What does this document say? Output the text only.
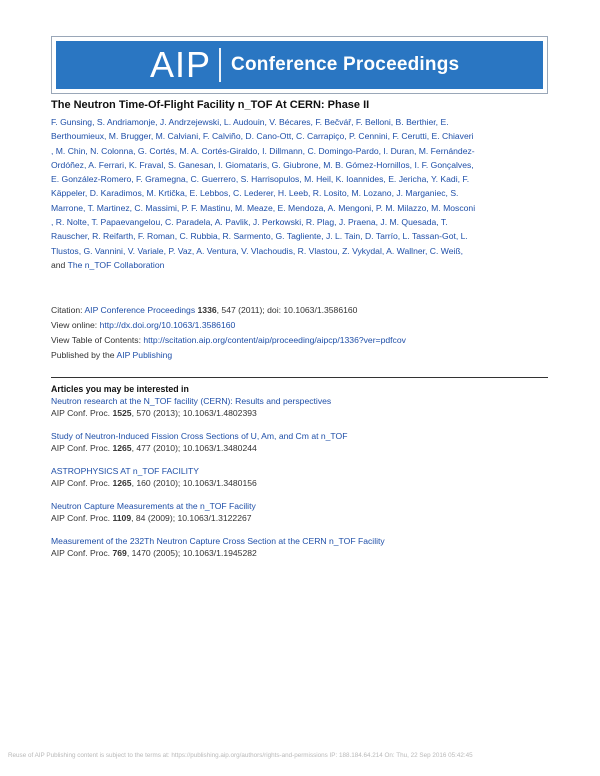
AIP Conference Proceedings
The Neutron Time-Of-Flight Facility n_TOF At CERN: Phase II
F. Gunsing, S. Andriamonje, J. Andrzejewski, L. Audouin, V. Bécares, F. Bečvář, F. Belloni, B. Berthier, E.
Berthoumieux, M. Brugger, M. Calviani, F. Calviño, D. Cano-Ott, C. Carrapiço, P. Cennini, F. Cerutti, E. Chiaveri
, M. Chin, N. Colonna, G. Cortés, M. A. Cortés-Giraldo, I. Dillmann, C. Domingo-Pardo, I. Duran, M. Fernández-
Ordóñez, A. Ferrari, K. Fraval, S. Ganesan, I. Giomataris, G. Giubrone, M. B. Gómez-Hornillos, I. F. Gonçalves,
E. González-Romero, F. Gramegna, C. Guerrero, S. Harrisopulos, M. Heil, K. Ioannides, E. Jericha, Y. Kadi, F.
Käppeler, D. Karadimos, M. Krtička, E. Lebbos, C. Lederer, H. Leeb, R. Losito, M. Lozano, J. Marganiec, S.
Marrone, T. Martinez, C. Massimi, P. F. Mastinu, M. Meaze, E. Mendoza, A. Mengoni, P. M. Milazzo, M. Mosconi
, R. Nolte, T. Papaevangelou, C. Paradela, A. Pavlik, J. Perkowski, R. Plag, J. Praena, J. M. Quesada, T.
Rauscher, R. Reifarth, F. Roman, C. Rubbia, R. Sarmento, G. Tagliente, J. L. Tain, D. Tarrío, L. Tassan-Got, L.
Tlustos, G. Vannini, V. Variale, P. Vaz, A. Ventura, V. Vlachoudis, R. Vlastou, Z. Vykydal, A. Wallner, C. Weiß,
and The n_TOF Collaboration
Citation: AIP Conference Proceedings 1336, 547 (2011); doi: 10.1063/1.3586160
View online: http://dx.doi.org/10.1063/1.3586160
View Table of Contents: http://scitation.aip.org/content/aip/proceeding/aipcp/1336?ver=pdfcov
Published by the AIP Publishing
Articles you may be interested in
Neutron research at the N_TOF facility (CERN): Results and perspectives
AIP Conf. Proc. 1525, 570 (2013); 10.1063/1.4802393
Study of Neutron-Induced Fission Cross Sections of U, Am, and Cm at n_TOF
AIP Conf. Proc. 1265, 477 (2010); 10.1063/1.3480244
ASTROPHYSICS AT n_TOF FACILITY
AIP Conf. Proc. 1265, 160 (2010); 10.1063/1.3480156
Neutron Capture Measurements at the n_TOF Facility
AIP Conf. Proc. 1109, 84 (2009); 10.1063/1.3122267
Measurement of the 232Th Neutron Capture Cross Section at the CERN n_TOF Facility
AIP Conf. Proc. 769, 1470 (2005); 10.1063/1.1945282
Reuse of AIP Publishing content is subject to the terms at: https://publishing.aip.org/authors/rights-and-permissions IP: 188.184.64.214 On: Thu, 22 Sep 2016 05:42:45
